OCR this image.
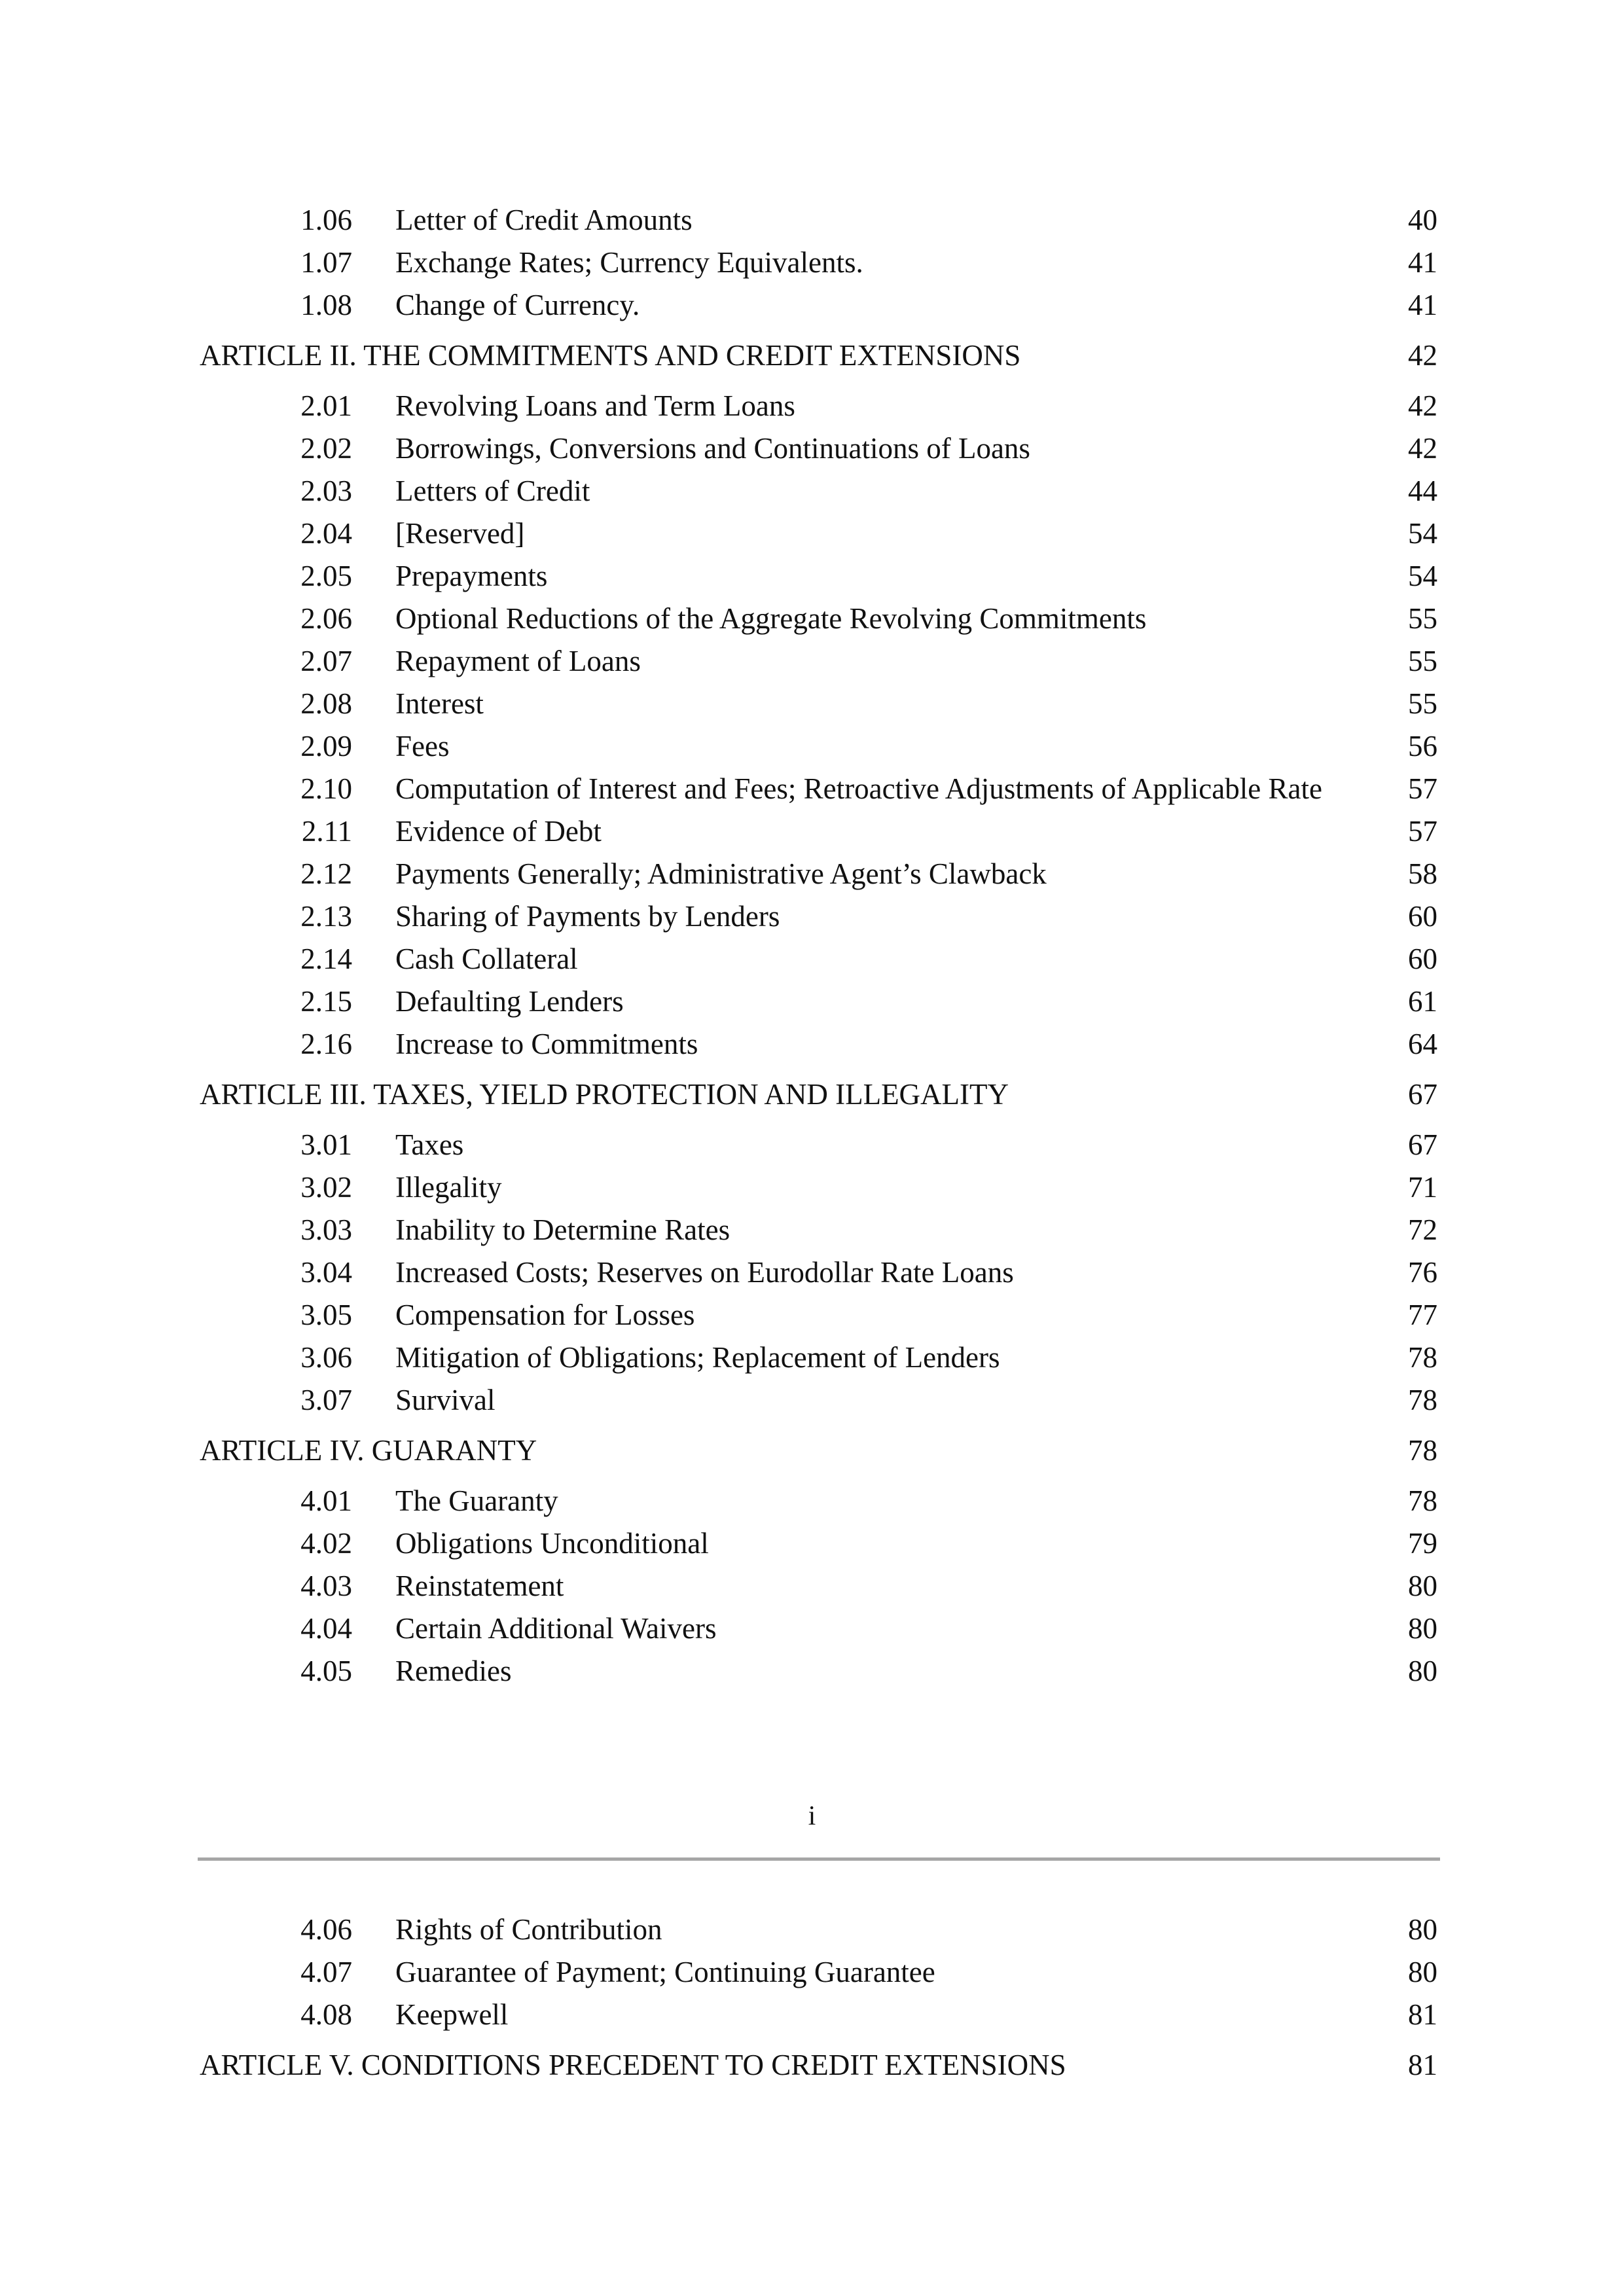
1.06 Letter of Credit Amounts	40
1.07 Exchange Rates; Currency Equivalents.	41
1.08 Change of Currency.	41
ARTICLE II. THE COMMITMENTS AND CREDIT EXTENSIONS	42
2.01 Revolving Loans and Term Loans	42
2.02 Borrowings, Conversions and Continuations of Loans	42
2.03 Letters of Credit	44
2.04 [Reserved]	54
2.05 Prepayments	54
2.06 Optional Reductions of the Aggregate Revolving Commitments	55
2.07 Repayment of Loans	55
2.08 Interest	55
2.09 Fees	56
2.10 Computation of Interest and Fees; Retroactive Adjustments of Applicable Rate	57
2.11 Evidence of Debt	57
2.12 Payments Generally; Administrative Agent’s Clawback	58
2.13 Sharing of Payments by Lenders	60
2.14 Cash Collateral	60
2.15 Defaulting Lenders	61
2.16 Increase to Commitments	64
ARTICLE III. TAXES, YIELD PROTECTION AND ILLEGALITY	67
3.01 Taxes	67
3.02 Illegality	71
3.03 Inability to Determine Rates	72
3.04 Increased Costs; Reserves on Eurodollar Rate Loans	76
3.05 Compensation for Losses	77
3.06 Mitigation of Obligations; Replacement of Lenders	78
3.07 Survival	78
ARTICLE IV. GUARANTY	78
4.01 The Guaranty	78
4.02 Obligations Unconditional	79
4.03 Reinstatement	80
4.04 Certain Additional Waivers	80
4.05 Remedies	80
i
4.06 Rights of Contribution	80
4.07 Guarantee of Payment; Continuing Guarantee	80
4.08 Keepwell	81
ARTICLE V. CONDITIONS PRECEDENT TO CREDIT EXTENSIONS	81
